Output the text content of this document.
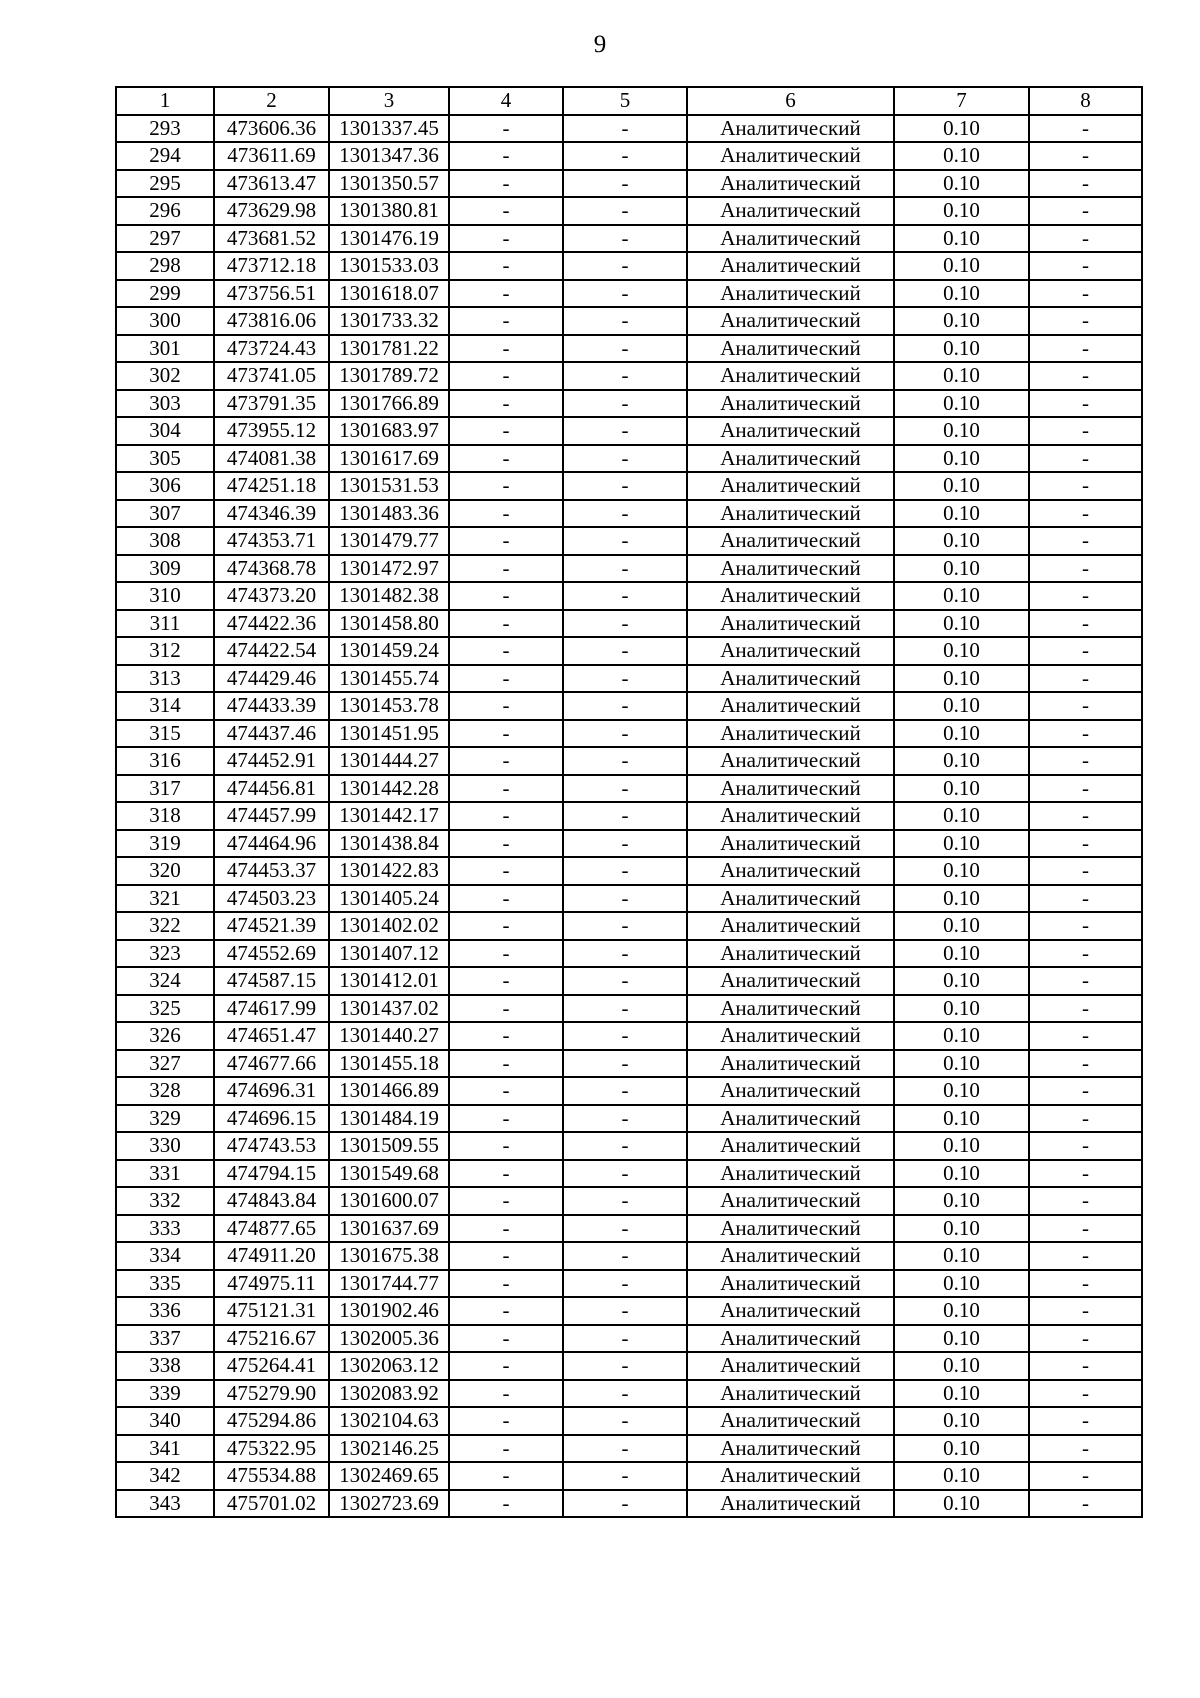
9
1	2	3	4	5	6	7	8
293	473606.36	1301337.45	-	-	Аналитический	0.10	-
294	473611.69	1301347.36	-	-	Аналитический	0.10	-
295	473613.47	1301350.57	-	-	Аналитический	0.10	-
296	473629.98	1301380.81	-	-	Аналитический	0.10	-
297	473681.52	1301476.19	-	-	Аналитический	0.10	-
298	473712.18	1301533.03	-	-	Аналитический	0.10	-
299	473756.51	1301618.07	-	-	Аналитический	0.10	-
300	473816.06	1301733.32	-	-	Аналитический	0.10	-
301	473724.43	1301781.22	-	-	Аналитический	0.10	-
302	473741.05	1301789.72	-	-	Аналитический	0.10	-
303	473791.35	1301766.89	-	-	Аналитический	0.10	-
304	473955.12	1301683.97	-	-	Аналитический	0.10	-
305	474081.38	1301617.69	-	-	Аналитический	0.10	-
306	474251.18	1301531.53	-	-	Аналитический	0.10	-
307	474346.39	1301483.36	-	-	Аналитический	0.10	-
308	474353.71	1301479.77	-	-	Аналитический	0.10	-
309	474368.78	1301472.97	-	-	Аналитический	0.10	-
310	474373.20	1301482.38	-	-	Аналитический	0.10	-
311	474422.36	1301458.80	-	-	Аналитический	0.10	-
312	474422.54	1301459.24	-	-	Аналитический	0.10	-
313	474429.46	1301455.74	-	-	Аналитический	0.10	-
314	474433.39	1301453.78	-	-	Аналитический	0.10	-
315	474437.46	1301451.95	-	-	Аналитический	0.10	-
316	474452.91	1301444.27	-	-	Аналитический	0.10	-
317	474456.81	1301442.28	-	-	Аналитический	0.10	-
318	474457.99	1301442.17	-	-	Аналитический	0.10	-
319	474464.96	1301438.84	-	-	Аналитический	0.10	-
320	474453.37	1301422.83	-	-	Аналитический	0.10	-
321	474503.23	1301405.24	-	-	Аналитический	0.10	-
322	474521.39	1301402.02	-	-	Аналитический	0.10	-
323	474552.69	1301407.12	-	-	Аналитический	0.10	-
324	474587.15	1301412.01	-	-	Аналитический	0.10	-
325	474617.99	1301437.02	-	-	Аналитический	0.10	-
326	474651.47	1301440.27	-	-	Аналитический	0.10	-
327	474677.66	1301455.18	-	-	Аналитический	0.10	-
328	474696.31	1301466.89	-	-	Аналитический	0.10	-
329	474696.15	1301484.19	-	-	Аналитический	0.10	-
330	474743.53	1301509.55	-	-	Аналитический	0.10	-
331	474794.15	1301549.68	-	-	Аналитический	0.10	-
332	474843.84	1301600.07	-	-	Аналитический	0.10	-
333	474877.65	1301637.69	-	-	Аналитический	0.10	-
334	474911.20	1301675.38	-	-	Аналитический	0.10	-
335	474975.11	1301744.77	-	-	Аналитический	0.10	-
336	475121.31	1301902.46	-	-	Аналитический	0.10	-
337	475216.67	1302005.36	-	-	Аналитический	0.10	-
338	475264.41	1302063.12	-	-	Аналитический	0.10	-
339	475279.90	1302083.92	-	-	Аналитический	0.10	-
340	475294.86	1302104.63	-	-	Аналитический	0.10	-
341	475322.95	1302146.25	-	-	Аналитический	0.10	-
342	475534.88	1302469.65	-	-	Аналитический	0.10	-
343	475701.02	1302723.69	-	-	Аналитический	0.10	-
